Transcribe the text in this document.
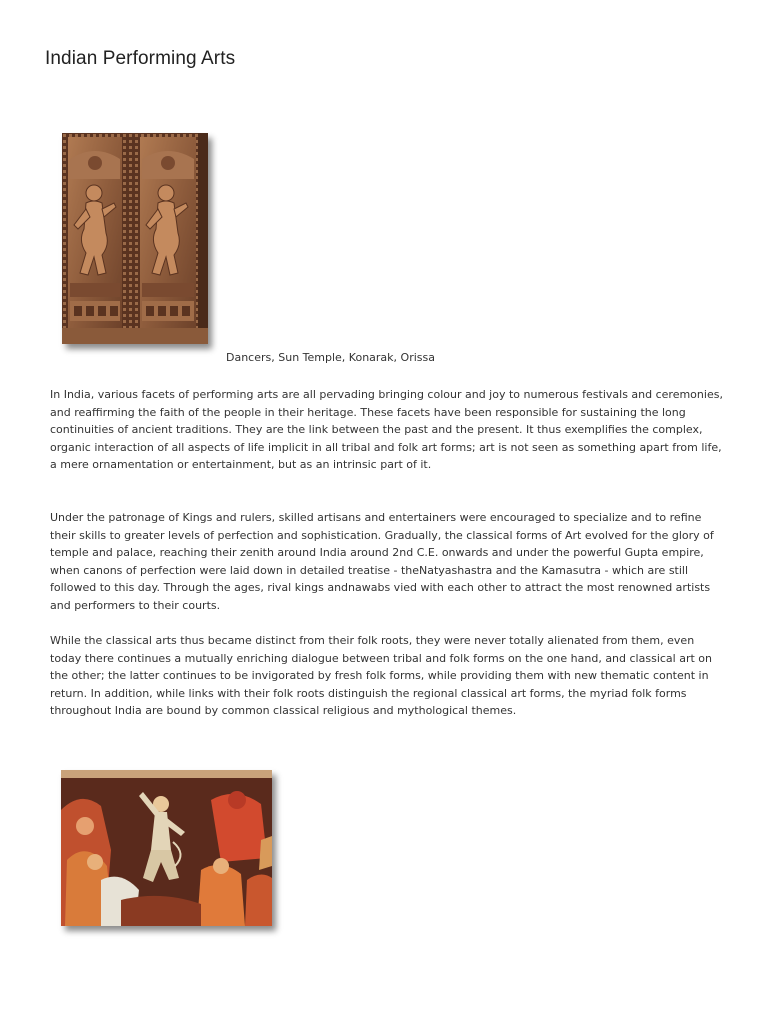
Indian Performing Arts
Dancers, Sun Temple, Konarak, Orissa

In India, various facets of performing arts are all pervading bringing colour and joy to numerous festivals and ceremonies, and reaffirming the faith of the people in their heritage. These facets have been responsible for sustaining the long continuities of ancient traditions. They are the link between the past and the present. It thus exemplifies the complex, organic interaction of all aspects of life implicit in all tribal and folk art forms; art is not seen as something apart from life, a mere ornamentation or entertainment, but as an intrinsic part of it.

Under the patronage of Kings and rulers, skilled artisans and entertainers were encouraged to specialize and to refine their skills to greater levels of perfection and sophistication. Gradually, the classical forms of Art evolved for the glory of temple and palace, reaching their zenith around India around 2nd C.E. onwards and under the powerful Gupta empire, when canons of perfection were laid down in detailed treatise - theNatyashastra and the Kamasutra - which are still followed to this day. Through the ages, rival kings andnawabs vied with each other to attract the most renowned artists and performers to their courts.

While the classical arts thus became distinct from their folk roots, they were never totally alienated from them, even today there continues a mutually enriching dialogue between tribal and folk forms on the one hand, and classical art on the other; the latter continues to be invigorated by fresh folk forms, while providing them with new thematic content in return. In addition, while links with their folk roots distinguish the regional classical art forms, the myriad folk forms throughout India are bound by common classical religious and mythological themes.
